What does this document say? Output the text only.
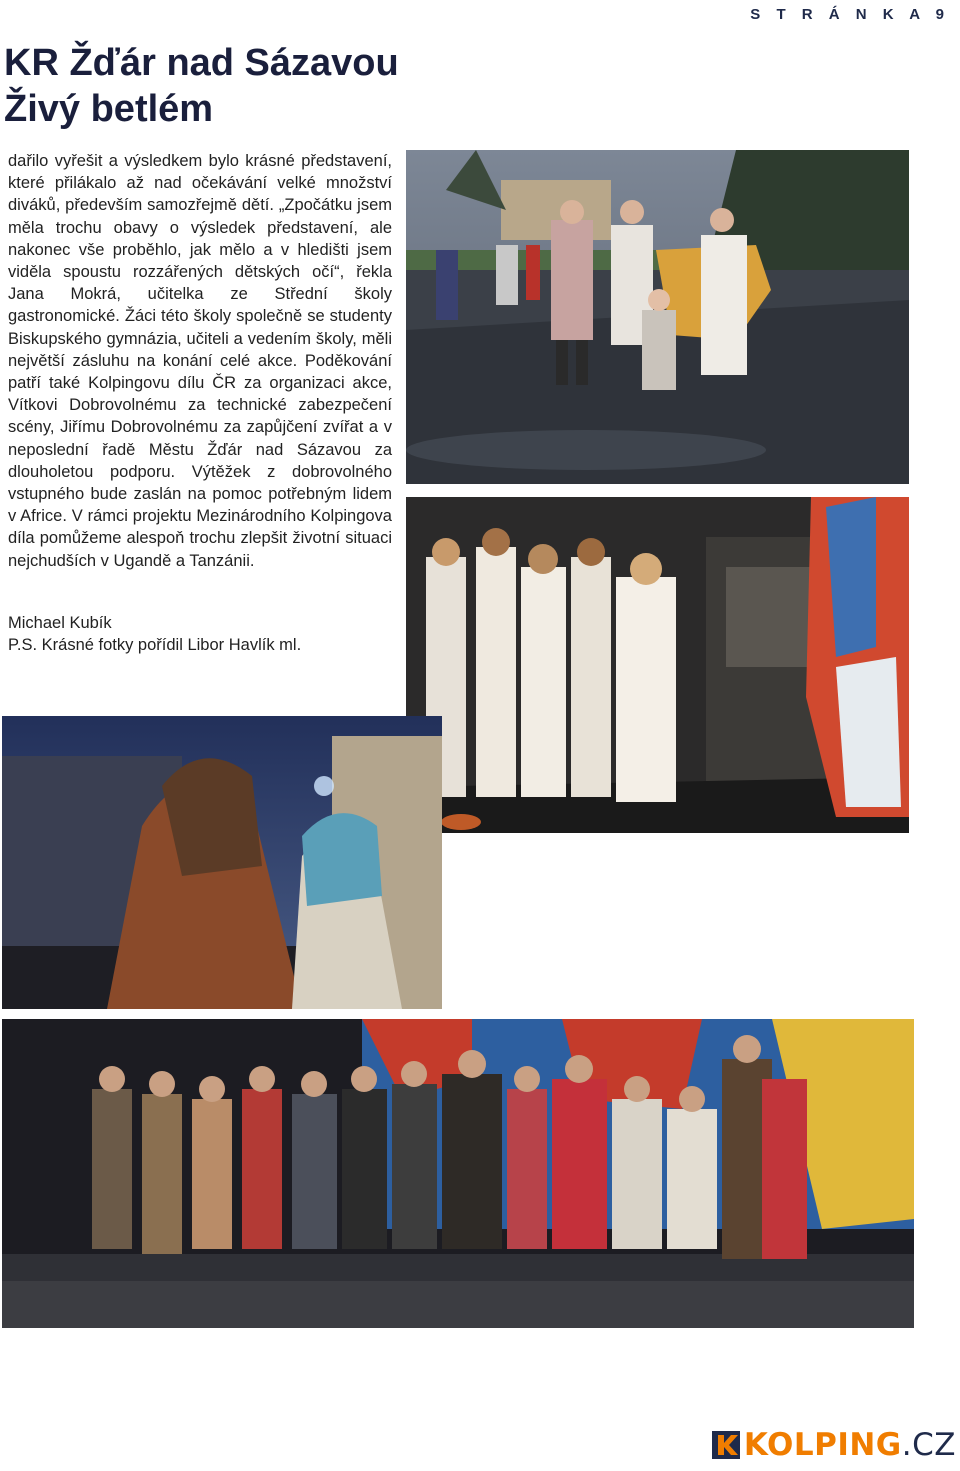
S T R Á N K A 9
KR Žďár nad Sázavou
Živý betlém

dařilo vyřešit a výsledkem bylo krásné představení, které přilákalo až nad očekávání velké množství diváků, především samozřejmě dětí. „Zpočátku jsem měla trochu obavy o výsledek představení, ale nakonec vše proběhlo, jak mělo a v hledišti jsem viděla spoustu rozzářených dětských očí“, řekla Jana Mokrá, učitelka ze Střední školy gastronomické. Žáci této školy společně se studenty Biskupského gymnázia, učiteli a vedením školy, měli největší zásluhu na konání celé akce. Poděkování patří také Kolpingovu dílu ČR za organizaci akce, Vítkovi Dobrovolnému za technické zabezpečení scény, Jiřímu Dobrovolnému za zapůjčení zvířat a v neposlední řadě Městu Žďár nad Sázavou za dlouholetou podporu. Výtěžek z dobrovolného vstupného bude zaslán na pomoc potřebným lidem v Africe. V rámci projektu Mezinárodního Kolpingova díla pomůžeme alespoň trochu zlepšit životní situaci nejchudších v Ugandě a Tanzánii.

Michael Kubík
P.S. Krásné fotky pořídil Libor Havlík ml.
KOLPING.CZ
